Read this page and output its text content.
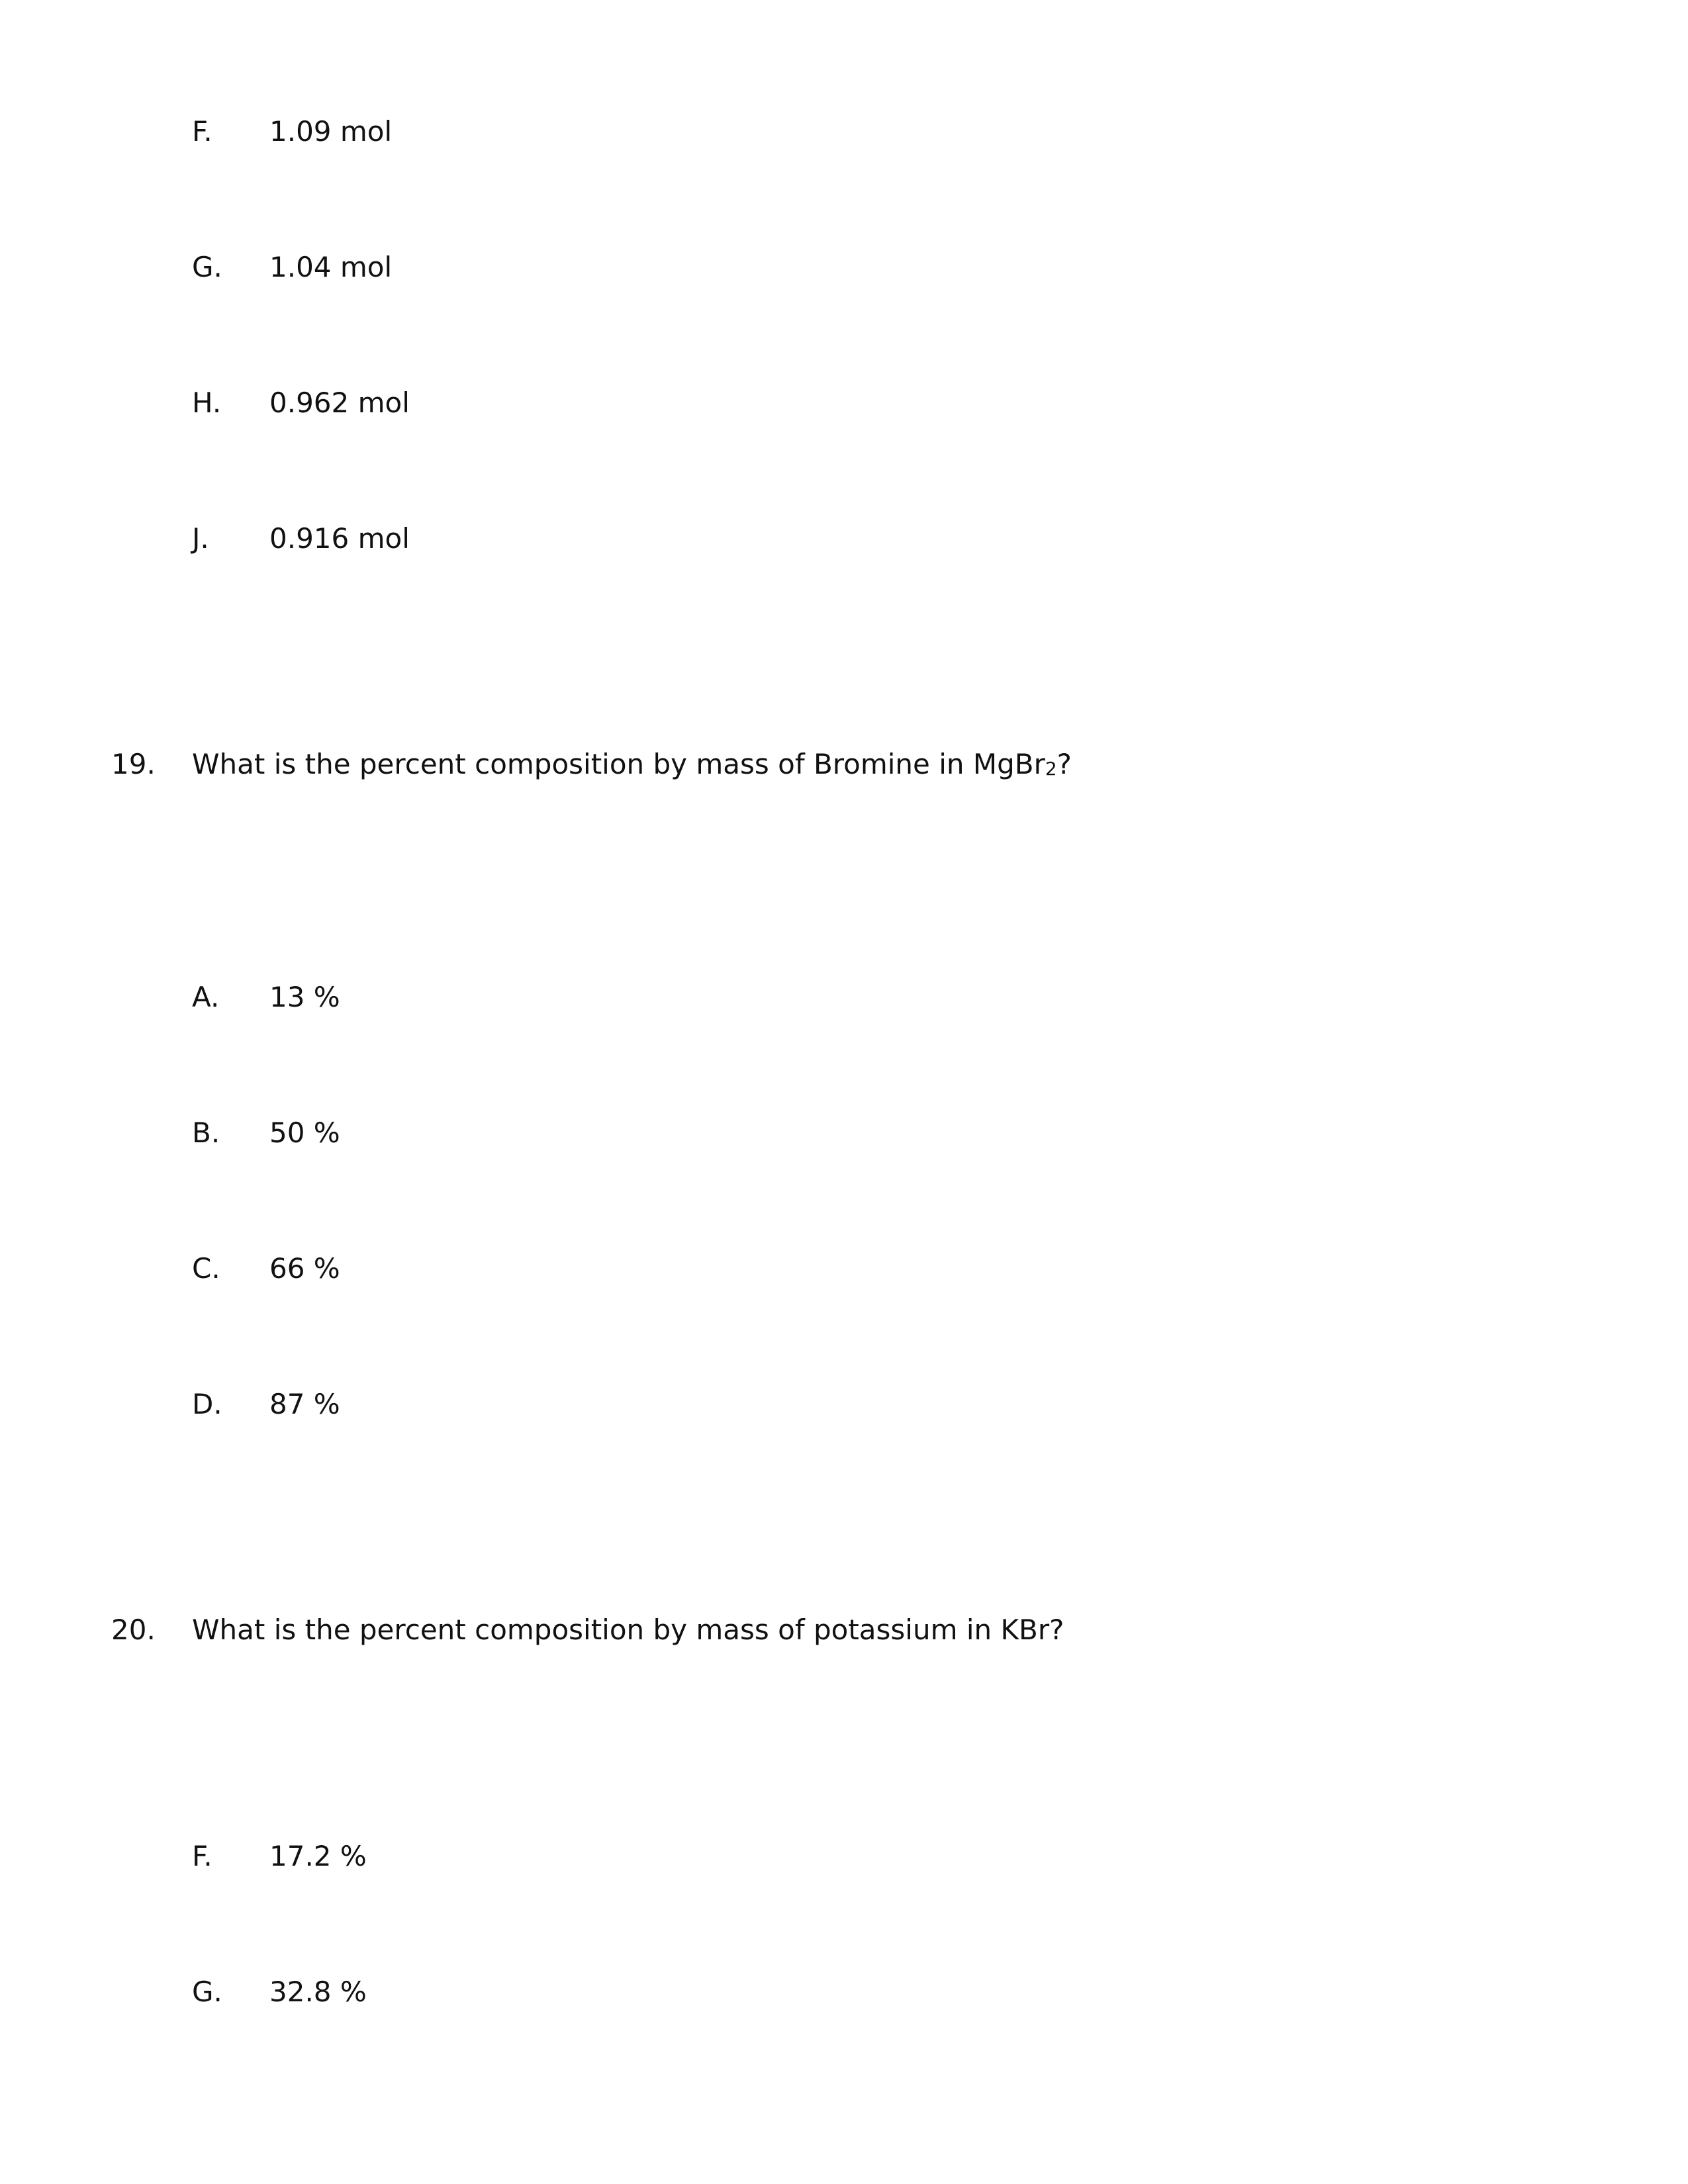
F. 1.09 mol
G. 1.04 mol
H. 0.962 mol
J. 0.916 mol
19. What is the percent composition by mass of Bromine in MgBr2?
A. 13 %
B. 50 %
C. 66 %
D. 87 %
20. What is the percent composition by mass of potassium in KBr?
F. 17.2 %
G. 32.8 %
